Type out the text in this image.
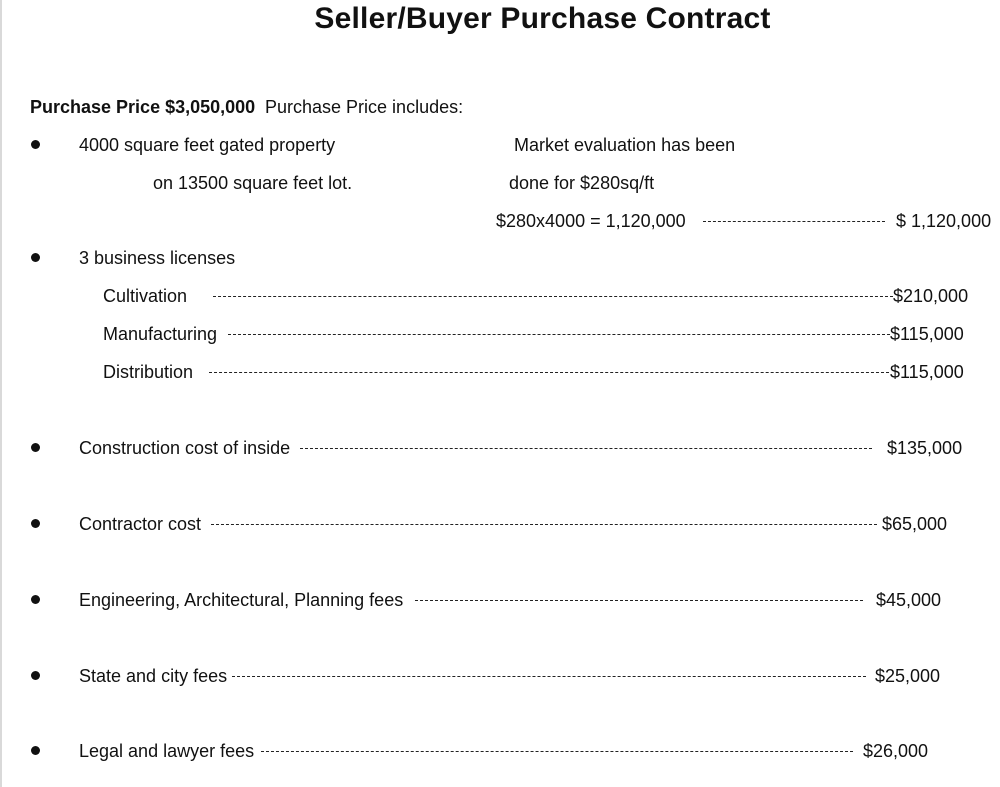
Seller/Buyer Purchase Contract
Purchase Price $3,050,000 Purchase Price includes:
4000 square feet gated property	Market evaluation has been
on 13500 square feet lot.	done for $280sq/ft
$280x4000 = 1,120,000	$ 1,120,000
3 business licenses
Cultivation	$210,000
Manufacturing	$115,000
Distribution	$115,000
Construction cost of inside	$135,000
Contractor cost	$65,000
Engineering, Architectural, Planning fees	$45,000
State and city fees	$25,000
Legal and lawyer fees	$26,000
